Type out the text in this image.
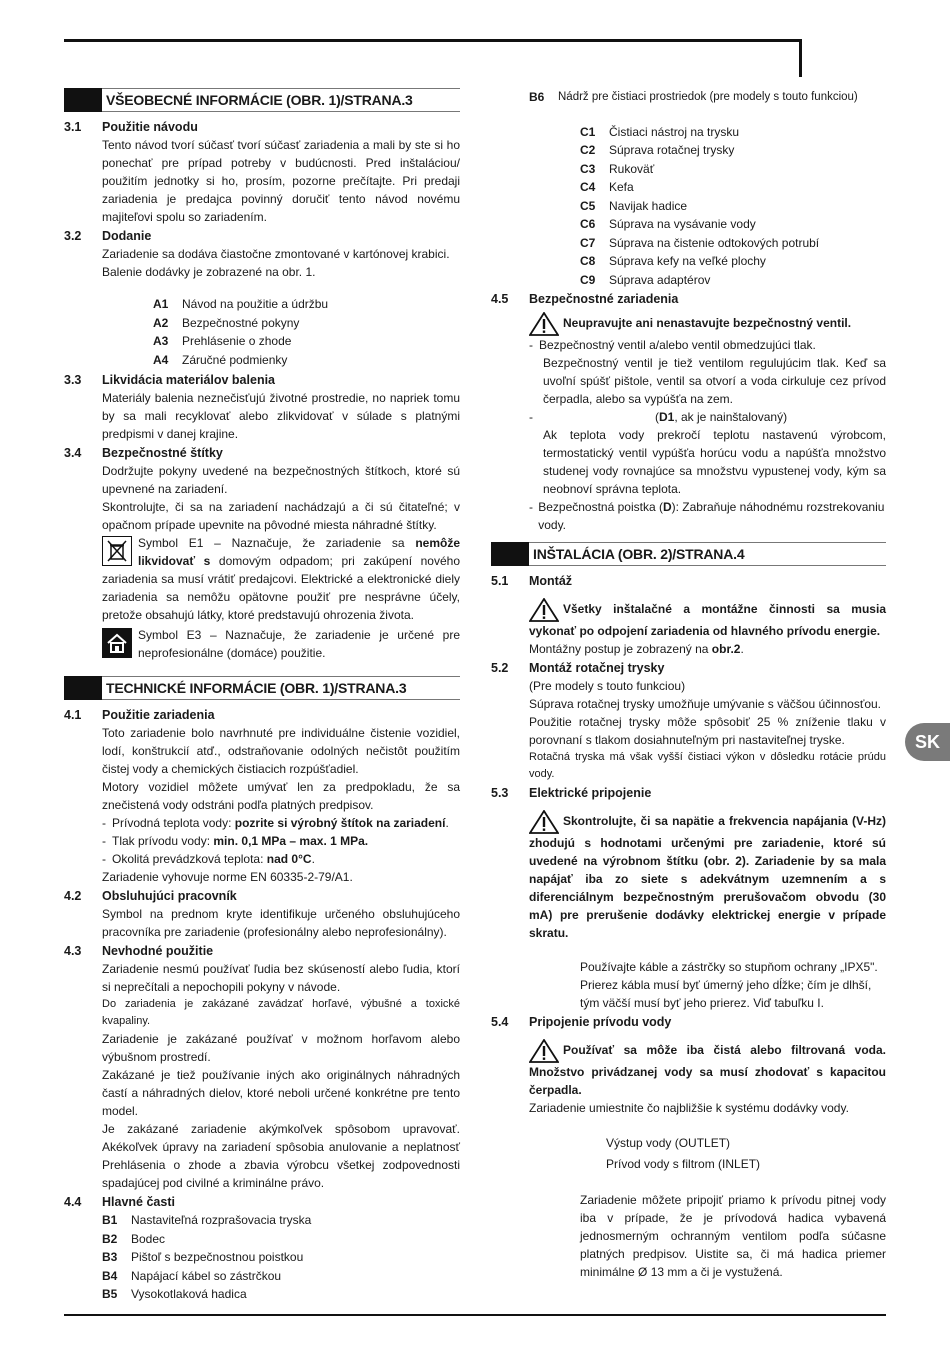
VŠEOBECNÉ INFORMÁCIE (OBR. 1)/STRANA.3
3.1	Použitie návodu
Tento návod tvorí súčasť tvorí súčasť zariadenia a mali by ste si ho ponechať pre prípad potreby v budúcnosti. Pred inštaláciou/ použitím jednotky si ho, prosím, pozorne prečítajte. Pri predaji zariadenia je predajca povinný doručiť tento návod novému majiteľovi spolu so zariadením.
3.2	Dodanie
Zariadenie sa dodáva čiastočne zmontované v kartónovej krabici.
Balenie dodávky je zobrazené na obr. 1.
A1	Návod na použitie a údržbu
A2	Bezpečnostné pokyny
A3	Prehlásenie o zhode
A4	Záručné podmienky
3.3	Likvidácia materiálov balenia
Materiály balenia neznečisťujú životné prostredie, no napriek tomu by sa mali recyklovať alebo zlikvidovať v súlade s platnými predpismi v danej krajine.
3.4	Bezpečnostné štítky
Dodržujte pokyny uvedené na bezpečnostných štítkoch, ktoré sú upevnené na zariadení.
Skontrolujte, či sa na zariadení nachádzajú a či sú čitateľné; v opačnom prípade upevnite na pôvodné miesta náhradné štítky.
Symbol E1 – Naznačuje, že zariadenie sa nemôže likvidovať s domovým odpadom; pri zakúpení nového zariadenia sa musí vrátiť predajcovi. Elektrické a elektronické diely zariadenia sa nemôžu opätovne použiť pre nesprávne účely, pretože obsahujú látky, ktoré predstavujú ohrozenia života.
Symbol E3 – Naznačuje, že zariadenie je určené pre neprofesionálne (domáce) použitie.
TECHNICKÉ INFORMÁCIE (OBR. 1)/STRANA.3
4.1	Použitie zariadenia
Toto zariadenie bolo navrhnuté pre individuálne čistenie vozidiel, lodí, konštrukcií atď., odstraňovanie odolných nečistôt použitím čistej vody a chemických čistiacich rozpúšťadiel.
Motory vozidiel môžete umývať len za predpokladu, že sa znečistená vody odstráni podľa platných predpisov.
- Prívodná teplota vody: pozrite si výrobný štítok na zariadení.
- Tlak prívodu vody: min. 0,1 MPa – max. 1 MPa.
- Okolitá prevádzková teplota: nad 0°C.
Zariadenie vyhovuje norme EN 60335-2-79/A1.
4.2	Obsluhujúci pracovník
Symbol na prednom kryte identifikuje určeného obsluhujúceho pracovníka pre zariadenie (profesionálny alebo neprofesionálny).
4.3	Nevhodné použitie
Zariadenie nesmú používať ľudia bez skúseností alebo ľudia, ktorí si neprečítali a nepochopili pokyny v návode.
Do zariadenia je zakázané zavádzať horľavé, výbušné a toxické kvapaliny.
Zariadenie je zakázané používať v možnom horľavom alebo výbušnom prostredí.
Zakázané je tiež používanie iných ako originálnych náhradných častí a náhradných dielov, ktoré neboli určené konkrétne pre tento model.
Je zakázané zariadenie akýmkoľvek spôsobom upravovať. Akékoľvek úpravy na zariadení spôsobia anulovanie a neplatnosť Prehlásenia o zhode a zbavia výrobcu všetkej zodpovednosti spadajúcej pod civilné a kriminálne právo.
4.4	Hlavné časti
B1	Nastaviteľná rozprašovacia tryska
B2	Bodec
B3	Pištoľ s bezpečnostnou poistkou
B4	Napájací kábel so zástrčkou
B5	Vysokotlaková hadica
B6	Nádrž pre čistiaci prostriedok (pre modely s touto funkciou)
C1	Čistiaci nástroj na trysku
C2	Súprava rotačnej trysky
C3	Rukoväť
C4	Kefa
C5	Navijak hadice
C6	Súprava na vysávanie vody
C7	Súprava na čistenie odtokových potrubí
C8	Súprava kefy na veľké plochy
C9	Súprava adaptérov
4.5	Bezpečnostné zariadenia
Neupravujte ani nenastavujte bezpečnostný ventil.
- Bezpečnostný ventil a/alebo ventil obmedzujúci tlak.
Bezpečnostný ventil je tiež ventilom regulujúcim tlak. Keď sa uvoľní spúšť pištole, ventil sa otvorí a voda cirkuluje cez prívod čerpadla, alebo sa vypúšťa na zem.
-	(D1, ak je nainštalovaný)
Ak teplota vody prekročí teplotu nastavenú výrobcom, termostatický ventil vypúšťa horúcu vodu a napúšťa množstvo studenej vody rovnajúce sa množstvu vypustenej vody, kým sa neobnoví správna teplota.
- Bezpečnostná poistka (D): Zabraňuje náhodnému rozstrekovaniu vody.
INŠTALÁCIA (OBR. 2)/STRANA.4
5.1	Montáž
Všetky inštalačné a montážne činnosti sa musia vykonať po odpojení zariadenia od hlavného prívodu energie.
Montážny postup je zobrazený na obr.2.
5.2	Montáž rotačnej trysky
(Pre modely s touto funkciou)
Súprava rotačnej trysky umožňuje umývanie s väčšou účinnosťou.
Použitie rotačnej trysky môže spôsobiť 25 % zníženie tlaku v porovnaní s tlakom dosiahnuteľným pri nastaviteľnej tryske.
Rotačná tryska má však vyšší čistiaci výkon v dôsledku rotácie prúdu vody.
5.3	Elektrické pripojenie
Skontrolujte, či sa napätie a frekvencia napájania (V-Hz) zhodujú s hodnotami určenými pre zariadenie, ktoré sú uvedené na výrobnom štítku (obr. 2). Zariadenie by sa mala napájať iba zo siete s adekvátnym uzemnením a s diferenciálnym bezpečnostným prerušovačom obvodu (30 mA) pre prerušenie dodávky elektrickej energie v prípade skratu.
Používajte káble a zástrčky so stupňom ochrany „IPX5". Prierez kábla musí byť úmerný jeho dĺžke; čím je dlhší, tým väčší musí byť jeho prierez. Viď tabuľku I.
5.4	Pripojenie prívodu vody
Používať sa môže iba čistá alebo filtrovaná voda. Množstvo privádzanej vody sa musí zhodovať s kapacitou čerpadla.
Zariadenie umiestnite čo najbližšie k systému dodávky vody.
Výstup vody (OUTLET)
Prívod vody s filtrom (INLET)
Zariadenie môžete pripojiť priamo k prívodu pitnej vody iba v prípade, že je prívodová hadica vybavená jednosmerným ochranným ventilom podľa súčasne platných predpisov. Uistite sa, či má hadica priemer minimálne Ø 13 mm a či je vystužená.
SK
